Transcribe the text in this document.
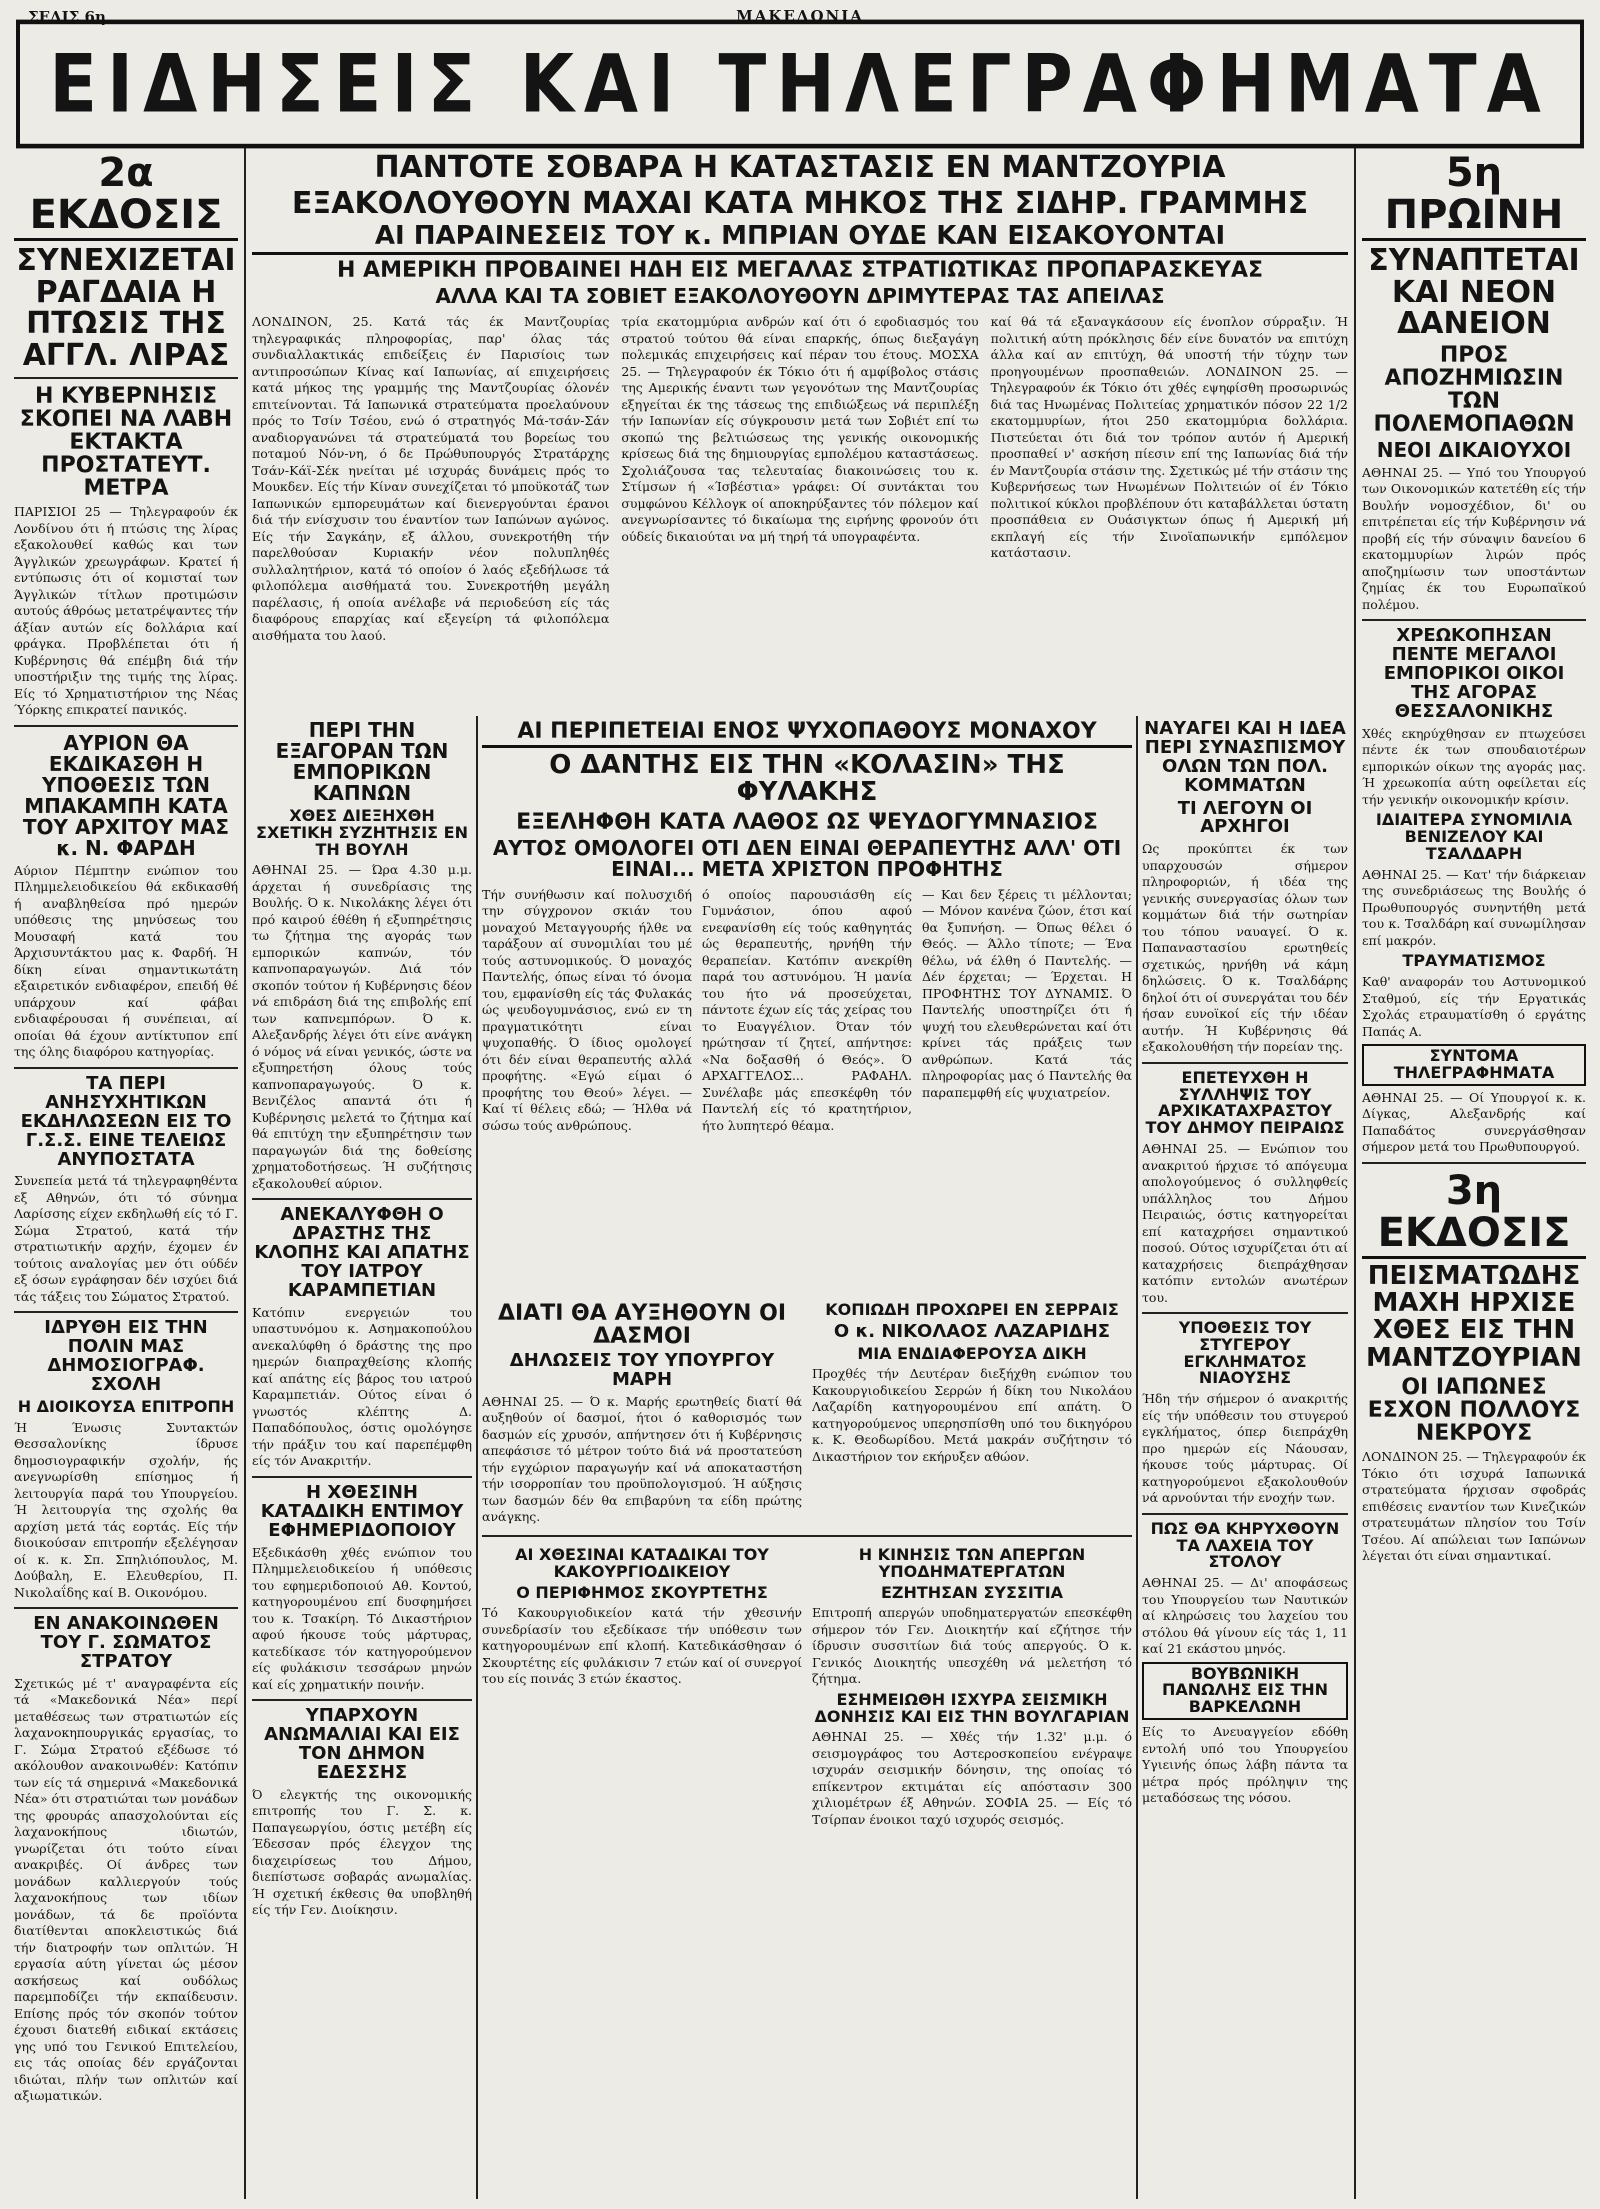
ΣΕΛΙΣ 6η	ΜΑΚΕΔΟΝΙΑ
ΕΙΔΗΣΕΙΣ ΚΑΙ ΤΗΛΕΓΡΑΦΗΜΑΤΑ
2α ΕΚΔΟΣΙΣ
ΣΥΝΕΧΙΖΕΤΑΙ ΡΑΓΔΑΙΑ Η ΠΤΩΣΙΣ ΤΗΣ ΑΓΓΛ. ΛΙΡΑΣ
Η ΚΥΒΕΡΝΗΣΙΣ ΣΚΟΠΕΙ ΝΑ ΛΑΒΗ ΕΚΤΑΚΤΑ ΠΡΟΣΤΑΤΕΥΤ. ΜΕΤΡΑ

ΠΑΡΙΣΙΟΙ 25 — Τηλεγραφούν έκ Λονδίνου ότι ή πτώσις της λίρας εξακολουθεί καθώς και των Άγγλικών χρεωγράφων. Κρατεί ή εντύπωσις ότι οί κομισταί των Άγγλικών τίτλων προτιμώσιν αυτούς άθρόως μετατρέψαντες τήν άξίαν αυτών είς δολλάρια καί φράγκα. Προβλέπεται ότι ή Κυβέρνησις θά επέμβη διά τήν υποστήριξιν της τιμής της λίρας. Είς τό Χρηματιστήριον της Νέας Ύόρκης επικρατεί πανικός.

ΑΥΡΙΟΝ ΘΑ ΕΚΔΙΚΑΣΘΗ Η ΥΠΟΘΕΣΙΣ ΤΩΝ ΜΠΑΚΑΜΠΗ ΚΑΤΑ ΤΟΥ ΑΡΧΙΤΟΥ ΜΑΣ κ. Ν. ΦΑΡΔΗ

Αύριον Πέμπτην ενώπιον του Πλημμελειοδικείου θά εκδικασθή ή αναβληθείσα πρό ημερών υπόθεσις της μηνύσεως του Μουσαφή κατά του Άρχισυντάκτου μας κ. Φαρδή. Ή δίκη είναι σημαντικωτάτη εξαιρετικόν ενδιαφέρον, επειδή θέ υπάρχουν καί φάβαι ενδιαφέρουσαι ή συνέπειαι, αί οποίαι θά έχουν αντίκτυπον επί της όλης διαφόρου κατηγορίας.

ΤΑ ΠΕΡΙ ΑΝΗΣΥΧΗΤΙΚΩΝ ΕΚΔΗΛΩΣΕΩΝ ΕΙΣ ΤΟ Γ.Σ.Σ. ΕΙΝΕ ΤΕΛΕΙΩΣ ΑΝΥΠΟΣΤΑΤΑ

Συνεπεία μετά τά τηλεγραφηθέντα εξ Αθηνών, ότι τό σύνημα Λαρίσσης είχεν εκδηλωθή είς τό Γ. Σώμα Στρατού, κατά τήν στρατιωτικήν αρχήν, έχομεν έν τούτοις αναλογίας μεν ότι ούδέν εξ όσων εγράφησαν δέν ισχύει διά τάς τάξεις του Σώματος Στρατού.

ΙΔΡΥΘΗ ΕΙΣ ΤΗΝ ΠΟΛΙΝ ΜΑΣ ΔΗΜΟΣΙΟΓΡΑΦ. ΣΧΟΛΗ
Η ΔΙΟΙΚΟΥΣΑ ΕΠΙΤΡΟΠΗ

Ή Ένωσις Συντακτών Θεσσαλονίκης ίδρυσε δημοσιογραφικήν σχολήν, ής ανεγνωρίσθη επίσημος ή λειτουργία παρά του Υπουργείου. Ή λειτουργία της σχολής θα αρχίση μετά τάς εορτάς. Είς τήν διοικούσαν επιτροπήν εξελέγησαν οί κ. κ. Σπ. Σπηλιόπουλος, Μ. Δούβαλη, Ε. Ελευθερίου, Π. Νικολαΐδης καί Β. Οικονόμου.

ΕΝ ΑΝΑΚΟΙΝΩΘΕΝ ΤΟΥ Γ. ΣΩΜΑΤΟΣ ΣΤΡΑΤΟΥ

Σχετικώς μέ τ' αναγραφέντα είς τά «Μακεδονικά Νέα» περί μεταθέσεως των στρατιωτών είς λαχανοκηπουργικάς εργασίας, το Γ. Σώμα Στρατού εξέδωσε τό ακόλουθον ανακοινωθέν: Κατόπιν των είς τά σημερινά «Μακεδονικά Νέα» ότι στρατιώται των μονάδων της φρουράς απασχολούνται είς λαχανοκήπους ιδιωτών, γνωρίζεται ότι τούτο είναι ανακριβές. Οί άνδρες των μονάδων καλλιεργούν τούς λαχανοκήπους των ιδίων μονάδων, τά δε προϊόντα διατίθενται αποκλειστικώς διά τήν διατροφήν των οπλιτών. Ή εργασία αύτη γίνεται ώς μέσον ασκήσεως καί ουδόλως παρεμποδίζει τήν εκπαίδευσιν. Επίσης πρός τόν σκοπόν τούτον έχουσι διατεθή ειδικαί εκτάσεις γης υπό του Γενικού Επιτελείου, εις τάς οποίας δέν εργάζονται ιδιώται, πλήν των οπλιτών καί αξιωματικών.

ΠΑΝΤΟΤΕ ΣΟΒΑΡΑ Η ΚΑΤΑΣΤΑΣΙΣ ΕΝ ΜΑΝΤΖΟΥΡΙΑ
ΕΞΑΚΟΛΟΥΘΟΥΝ ΜΑΧΑΙ ΚΑΤΑ ΜΗΚΟΣ ΤΗΣ ΣΙΔΗΡ. ΓΡΑΜΜΗΣ
ΑΙ ΠΑΡΑΙΝΕΣΕΙΣ ΤΟΥ κ. ΜΠΡΙΑΝ ΟΥΔΕ ΚΑΝ ΕΙΣΑΚΟΥΟΝΤΑΙ
Η ΑΜΕΡΙΚΗ ΠΡΟΒΑΙΝΕΙ ΗΔΗ ΕΙΣ ΜΕΓΑΛΑΣ ΣΤΡΑΤΙΩΤΙΚΑΣ ΠΡΟΠΑΡΑΣΚΕΥΑΣ
ΑΛΛΑ ΚΑΙ ΤΑ ΣΟΒΙΕΤ ΕΞΑΚΟΛΟΥΘΟΥΝ ΔΡΙΜΥΤΕΡΑΣ ΤΑΣ ΑΠΕΙΛΑΣ

ΛΟΝΔΙΝΟΝ, 25. Κατά τάς έκ Μαντζουρίας τηλεγραφικάς πληροφορίας, παρ' όλας τάς συνδιαλλακτικάς επιδείξεις έν Παρισίοις των αντιπροσώπων Κίνας καί Ιαπωνίας, αί επιχειρήσεις κατά μήκος της γραμμής της Μαντζουρίας όλονέν επιτείνονται. Τά Ιαπωνικά στρατεύματα προελαύνουν πρός το Τσίν Τσέου, ενώ ό στρατηγός Μά-τσάν-Σάν αναδιοργανώνει τά στρατεύματά του βορείως του ποταμού Νόν-νη, ό δε Πρώθυπουργός Στρατάρχης Τσάν-Κάϊ-Σέκ ηνείται μέ ισχυράς δυνάμεις πρός το Μουκδεν. Είς τήν Κίναν συνεχίζεται τό μποϋκοτάζ των Ιαπωνικών εμπορευμάτων καί διενεργούνται έρανοι διά τήν ενίσχυσιν του έναντίον των Ιαπώνων αγώνος. Είς τήν Σαγκάην, εξ άλλου, συνεκροτήθη τήν παρελθούσαν Κυριακήν νέον πολυπληθές συλλαλητήριον, κατά τό οποίον ό λαός εξεδήλωσε τά φιλοπόλεμα αισθήματά του. Συνεκροτήθη μεγάλη παρέλασις, ή οποία ανέλαβε νά περιοδεύση είς τάς διαφόρους επαρχίας καί εξεγείρη τά φιλοπόλεμα αισθήματα του λαού.

τρία εκατομμύρια ανδρών καί ότι ό εφοδιασμός του στρατού τούτου θά είναι επαρκής, όπως διεξαγάγη πολεμικάς επιχειρήσεις καί πέραν του έτους. ΜΟΣΧΑ 25. — Τηλεγραφούν έκ Τόκιο ότι ή αμφίβολος στάσις της Αμερικής έναντι των γεγονότων της Μαντζουρίας εξηγείται έκ της τάσεως της επιδιώξεως νά περιπλέξη τήν Ιαπωνίαν είς σύγκρουσιν μετά των Σοβιέτ επί τω σκοπώ της βελτιώσεως της γενικής οικονομικής κρίσεως διά της δημιουργίας εμπολέμου καταστάσεως. Σχολιάζουσα τας τελευταίας διακοινώσεις του κ. Στίμσων ή «Ίσβέστια» γράφει: Οί συντάκται του συμφώνου Κέλλογκ οί αποκηρύξαντες τόν πόλεμον καί ανεγνωρίσαντες τό δικαίωμα της ειρήνης φρονούν ότι ούδείς δικαιούται να μή τηρή τά υπογραφέντα.

καί θά τά εξαναγκάσουν είς ένοπλον σύρραξιν. Ή πολιτική αύτη πρόκλησις δέν είνε δυνατόν να επιτύχη άλλα καί αν επιτύχη, θά υποστή τήν τύχην των προηγουμένων προσπαθειών. ΛΟΝΔΙΝΟΝ 25. — Τηλεγραφούν έκ Τόκιο ότι χθές εψηφίσθη προσωρινώς διά τας Ηνωμένας Πολιτείας χρηματικόν πόσον 22 1/2 εκατομμυρίων, ήτοι 250 εκατομμύρια δολλάρια. Πιστεύεται ότι διά τον τρόπον αυτόν ή Αμερική προσπαθεί ν' ασκήση πίεσιν επί της Ιαπωνίας διά τήν έν Μαντζουρία στάσιν της. Σχετικώς μέ τήν στάσιν της Κυβερνήσεως των Ηνωμένων Πολιτειών οί έν Τόκιο πολιτικοί κύκλοι προβλέπουν ότι καταβάλλεται ύστατη προσπάθεια εν Ουάσιγκτων όπως ή Αμερική μή εκπλαγή είς τήν Σινοϊαπωνικήν εμπόλεμον κατάστασιν.

ΠΕΡΙ ΤΗΝ ΕΞΑΓΟΡΑΝ ΤΩΝ ΕΜΠΟΡΙΚΩΝ ΚΑΠΝΩΝ
ΧΘΕΣ ΔΙΕΞΗΧΘΗ ΣΧΕΤΙΚΗ ΣΥΖΗΤΗΣΙΣ ΕΝ ΤΗ ΒΟΥΛΗ

ΑΘΗΝΑΙ 25. — Ώρα 4.30 μ.μ. άρχεται ή συνεδρίασις της Βουλής. Ό κ. Νικολάκης λέγει ότι πρό καιρού έθέθη ή εξυπηρέτησις τω ζήτημα της αγοράς των εμπορικών καπνών, τόν καπνοπαραγωγών. Διά τόν σκοπόν τούτον ή Κυβέρνησις δέον νά επιδράση διά της επιβολής επί των καπνεμπόρων. Ό κ. Αλεξανδρής λέγει ότι είνε ανάγκη ό νόμος νά είναι γενικός, ώστε να εξυπηρετήση όλους τούς καπνοπαραγωγούς. Ό κ. Βενιζέλος απαντά ότι ή Κυβέρνησις μελετά το ζήτημα καί θά επιτύχη την εξυπηρέτησιν των παραγωγών διά της δοθείσης χρηματοδοτήσεως. Ή συζήτησις εξακολουθεί αύριον.

ΑΝΕΚΑΛΥΦΘΗ Ο ΔΡΑΣΤΗΣ ΤΗΣ ΚΛΟΠΗΣ ΚΑΙ ΑΠΑΤΗΣ ΤΟΥ ΙΑΤΡΟΥ ΚΑΡΑΜΠΕΤΙΑΝ

Κατόπιν ενεργειών του υπαστυνόμου κ. Ασημακοπούλου ανεκαλύφθη ό δράστης της προ ημερών διαπραχθείσης κλοπής καί απάτης είς βάρος του ιατρού Καραμπετιάν. Ούτος είναι ό γνωστός κλέπτης Δ. Παπαδόπουλος, όστις ομολόγησε τήν πράξιν του καί παρεπέμφθη είς τόν Ανακριτήν.

Η ΧΘΕΣΙΝΗ ΚΑΤΑΔΙΚΗ ΕΝΤΙΜΟΥ ΕΦΗΜΕΡΙΔΟΠΟΙΟΥ

Εξεδικάσθη χθές ενώπιον του Πλημμελειοδικείου ή υπόθεσις του εφημεριδοποιού Αθ. Κοντού, κατηγορουμένου επί δυσφημήσει του κ. Τσακίρη. Τό Δικαστήριον αφού ήκουσε τούς μάρτυρας, κατεδίκασε τόν κατηγορούμενον είς φυλάκισιν τεσσάρων μηνών καί είς χρηματικήν ποινήν.

ΥΠΑΡΧΟΥΝ ΑΝΩΜΑΛΙΑΙ ΚΑΙ ΕΙΣ ΤΟΝ ΔΗΜΟΝ ΕΔΕΣΣΗΣ

Ό ελεγκτής της οικονομικής επιτροπής του Γ. Σ. κ. Παπαγεωργίου, όστις μετέβη είς Έδεσσαν πρός έλεγχον της διαχειρίσεως του Δήμου, διεπίστωσε σοβαράς ανωμαλίας. Ή σχετική έκθεσις θα υποβληθή είς τήν Γεν. Διοίκησιν.

ΑΙ ΠΕΡΙΠΕΤΕΙΑΙ ΕΝΟΣ ΨΥΧΟΠΑΘΟΥΣ ΜΟΝΑΧΟΥ
Ο ΔΑΝΤΗΣ ΕΙΣ ΤΗΝ «ΚΟΛΑΣΙΝ» ΤΗΣ ΦΥΛΑΚΗΣ
ΕΞΕΛΗΦΘΗ ΚΑΤΑ ΛΑΘΟΣ ΩΣ ΨΕΥΔΟΓΥΜΝΑΣΙΟΣ
ΑΥΤΟΣ ΟΜΟΛΟΓΕΙ ΟΤΙ ΔΕΝ ΕΙΝΑΙ ΘΕΡΑΠΕΥΤΗΣ ΑΛΛ' ΟΤΙ ΕΙΝΑΙ... ΜΕΤΑ ΧΡΙΣΤΟΝ ΠΡΟΦΗΤΗΣ

Τήν συνήθωσιν καί πολυσχιδή την σύγχρονον σκιάν του μοναχού Μεταγγουρής ήλθε να ταράξουν αί συνομιλίαι του μέ τούς αστυνομικούς. Ό μοναχός Παντελής, όπως είναι τό όνομα του, εμφανίσθη είς τάς Φυλακάς ώς ψευδογυμνάσιος, ενώ εν τη πραγματικότητι είναι ψυχοπαθής. Ό ίδιος ομολογεί ότι δέν είναι θεραπευτής αλλά προφήτης. «Εγώ είμαι ό προφήτης του Θεού» λέγει. — Καί τί θέλεις εδώ; — Ήλθα νά σώσω τούς ανθρώπους.

ό οποίος παρουσιάσθη είς Γυμνάσιον, όπου αφού ενεφανίσθη είς τούς καθηγητάς ώς θεραπευτής, ηρνήθη τήν θεραπείαν. Κατόπιν ανεκρίθη παρά του αστυνόμου. Ή μανία του ήτο νά προσεύχεται, πάντοτε έχων είς τάς χείρας του το Ευαγγέλιον. Όταν τόν ηρώτησαν τί ζητεί, απήντησε: «Να δοξασθή ό Θεός». Ό ΑΡΧΑΓΓΕΛΟΣ... ΡΑΦΑΗΛ. Συνέλαβε μάς επεσκέφθη τόν Παντελή είς τό κρατητήριον, ήτο λυπητερό θέαμα.

— Και δεν ξέρεις τι μέλλονται; — Μόνον κανένα ζώον, έτσι καί θα ξυπνήση. — Όπως θέλει ό Θεός. — Άλλο τίποτε; — Ένα θέλω, νά έλθη ό Παντελής. — Δέν έρχεται; — Έρχεται. Η ΠΡΟΦΗΤΗΣ ΤΟΥ ΔΥΝΑΜΙΣ. Ό Παντελής υποστηρίζει ότι ή ψυχή του ελευθερώνεται καί ότι κρίνει τάς πράξεις των ανθρώπων. Κατά τάς πληροφορίας μας ό Παντελής θα παραπεμφθή είς ψυχιατρείον.

ΔΙΑΤΙ ΘΑ ΑΥΞΗΘΟΥΝ ΟΙ ΔΑΣΜΟΙ
ΔΗΛΩΣΕΙΣ ΤΟΥ ΥΠΟΥΡΓΟΥ ΜΑΡΗ

ΑΘΗΝΑΙ 25. — Ό κ. Μαρής ερωτηθείς διατί θά αυξηθούν οί δασμοί, ήτοι ό καθορισμός των δασμών είς χρυσόν, απήντησεν ότι ή Κυβέρνησις απεφάσισε τό μέτρον τούτο διά νά προστατεύση τήν εγχώριον παραγωγήν καί νά αποκαταστήση τήν ισορροπίαν του προϋπολογισμού. Ή αύξησις των δασμών δέν θα επιβαρύνη τα είδη πρώτης ανάγκης.

ΚΟΠΙΩΔΗ ΠΡΟΧΩΡΕΙ ΕΝ ΣΕΡΡΑΙΣ
Ο κ. ΝΙΚΟΛΑΟΣ ΛΑΖΑΡΙΔΗΣ
ΜΙΑ ΕΝΔΙΑΦΕΡΟΥΣΑ ΔΙΚΗ

Προχθές τήν Δευτέραν διεξήχθη ενώπιον του Κακουργιοδικείου Σερρών ή δίκη του Νικολάου Λαζαρίδη κατηγορουμένου επί απάτη. Ό κατηγορούμενος υπερησπίσθη υπό του δικηγόρου κ. Κ. Θεοδωρίδου. Μετά μακράν συζήτησιν τό Δικαστήριον τον εκήρυξεν αθώον.

ΑΙ ΧΘΕΣΙΝΑΙ ΚΑΤΑΔΙΚΑΙ ΤΟΥ ΚΑΚΟΥΡΓΙΟΔΙΚΕΙΟΥ
Ο ΠΕΡΙΦΗΜΟΣ ΣΚΟΥΡΤΕΤΗΣ

Τό Κακουργιοδικείον κατά τήν χθεσινήν συνεδρίασίν του εξεδίκασε τήν υπόθεσιν των κατηγορουμένων επί κλοπή. Κατεδικάσθησαν ό Σκουρτέτης είς φυλάκισιν 7 ετών καί οί συνεργοί του είς ποινάς 3 ετών έκαστος.

Η ΚΙΝΗΣΙΣ ΤΩΝ ΑΠΕΡΓΩΝ ΥΠΟΔΗΜΑΤΕΡΓΑΤΩΝ
ΕΖΗΤΗΣΑΝ ΣΥΣΣΙΤΙΑ

Επιτροπή απεργών υποδηματεργατών επεσκέφθη σήμερον τόν Γεν. Διοικητήν καί εζήτησε τήν ίδρυσιν συσσιτίων διά τούς απεργούς. Ό κ. Γενικός Διοικητής υπεσχέθη νά μελετήση τό ζήτημα.

ΕΣΗΜΕΙΩΘΗ ΙΣΧΥΡΑ ΣΕΙΣΜΙΚΗ ΔΟΝΗΣΙΣ ΚΑΙ ΕΙΣ ΤΗΝ ΒΟΥΛΓΑΡΙΑΝ

ΑΘΗΝΑΙ 25. — Χθές τήν 1.32' μ.μ. ό σεισμογράφος του Αστεροσκοπείου ενέγραψε ισχυράν σεισμικήν δόνησιν, της οποίας τό επίκεντρον εκτιμάται είς απόστασιν 300 χιλιομέτρων έξ Αθηνών. ΣΟΦΙΑ 25. — Είς τό Τσίρπαν ένοικοι ταχύ ισχυρός σεισμός.

ΝΑΥΑΓΕΙ ΚΑΙ Η ΙΔΕΑ ΠΕΡΙ ΣΥΝΑΣΠΙΣΜΟΥ ΟΛΩΝ ΤΩΝ ΠΟΛ. ΚΟΜΜΑΤΩΝ
ΤΙ ΛΕΓΟΥΝ ΟΙ ΑΡΧΗΓΟΙ

Ως προκύπτει έκ των υπαρχουσών σήμερον πληροφοριών, ή ιδέα της γενικής συνεργασίας όλων των κομμάτων διά τήν σωτηρίαν του τόπου ναυαγεί. Ό κ. Παπαναστασίου ερωτηθείς σχετικώς, ηρνήθη νά κάμη δηλώσεις. Ό κ. Τσαλδάρης δηλοί ότι οί συνεργάται του δέν ήσαν ευνοϊκοί είς τήν ιδέαν αυτήν. Ή Κυβέρνησις θά εξακολουθήση τήν πορείαν της.

ΕΠΕΤΕΥΧΘΗ Η ΣΥΛΛΗΨΙΣ ΤΟΥ ΑΡΧΙΚΑΤΑΧΡΑΣΤΟΥ ΤΟΥ ΔΗΜΟΥ ΠΕΙΡΑΙΩΣ

ΑΘΗΝΑΙ 25. — Ενώπιον του ανακριτού ήρχισε τό απόγευμα απολογούμενος ό συλληφθείς υπάλληλος του Δήμου Πειραιώς, όστις κατηγορείται επί καταχρήσει σημαντικού ποσού. Ούτος ισχυρίζεται ότι αί καταχρήσεις διεπράχθησαν κατόπιν εντολών ανωτέρων του.

ΥΠΟΘΕΣΙΣ ΤΟΥ ΣΤΥΓΕΡΟΥ ΕΓΚΛΗΜΑΤΟΣ ΝΙΑΟΥΣΗΣ

Ήδη τήν σήμερον ό ανακριτής είς τήν υπόθεσιν του στυγερού εγκλήματος, όπερ διεπράχθη προ ημερών είς Νάουσαν, ήκουσε τούς μάρτυρας. Οί κατηγορούμενοι εξακολουθούν νά αρνούνται τήν ενοχήν των.

ΠΩΣ ΘΑ ΚΗΡΥΧΘΟΥΝ ΤΑ ΛΑΧΕΙΑ ΤΟΥ ΣΤΟΛΟΥ

ΑΘΗΝΑΙ 25. — Δι' αποφάσεως του Υπουργείου των Ναυτικών αί κληρώσεις του λαχείου του στόλου θά γίνουν είς τάς 1, 11 καί 21 εκάστου μηνός.

ΒΟΥΒΩΝΙΚΗ ΠΑΝΩΛΗΣ ΕΙΣ ΤΗΝ ΒΑΡΚΕΛΩΝΗ

Είς το Ανευαγγείον εδόθη εντολή υπό του Υπουργείου Υγιεινής όπως λάβη πάντα τα μέτρα πρός πρόληψιν της μεταδόσεως της νόσου.

5η ΠΡΩΙΝΗ
ΣΥΝΑΠΤΕΤΑΙ ΚΑΙ ΝΕΟΝ ΔΑΝΕΙΟΝ
ΠΡΟΣ ΑΠΟΖΗΜΙΩΣΙΝ ΤΩΝ ΠΟΛΕΜΟΠΑΘΩΝ
ΝΕΟΙ ΔΙΚΑΙΟΥΧΟΙ

ΑΘΗΝΑΙ 25. — Υπό του Υπουργού των Οικονομικών κατετέθη είς τήν Βουλήν νομοσχέδιον, δι' ου επιτρέπεται είς τήν Κυβέρνησιν νά προβή είς τήν σύναψιν δανείου 6 εκατομμυρίων λιρών πρός αποζημίωσιν των υποστάντων ζημίας έκ του Ευρωπαϊκού πολέμου.

ΧΡΕΩΚΟΠΗΣΑΝ ΠΕΝΤΕ ΜΕΓΑΛΟΙ ΕΜΠΟΡΙΚΟΙ ΟΙΚΟΙ ΤΗΣ ΑΓΟΡΑΣ ΘΕΣΣΑΛΟΝΙΚΗΣ

Χθές εκηρύχθησαν εν πτωχεύσει πέντε έκ των σπουδαιοτέρων εμπορικών οίκων της αγοράς μας. Ή χρεωκοπία αύτη οφείλεται είς τήν γενικήν οικονομικήν κρίσιν.

ΙΔΙΑΙΤΕΡΑ ΣΥΝΟΜΙΛΙΑ ΒΕΝΙΖΕΛΟΥ ΚΑΙ ΤΣΑΛΔΑΡΗ

ΑΘΗΝΑΙ 25. — Κατ' τήν διάρκειαν της συνεδριάσεως της Βουλής ό Πρωθυπουργός συνηντήθη μετά του κ. Τσαλδάρη καί συνωμίλησαν επί μακρόν.

ΤΡΑΥΜΑΤΙΣΜΟΣ

Καθ' αναφοράν του Αστυνομικού Σταθμού, είς τήν Εργατικάς Σχολάς ετραυματίσθη ό εργάτης Παπάς Α.

ΣΥΝΤΟΜΑ ΤΗΛΕΓΡΑΦΗΜΑΤΑ

ΑΘΗΝΑΙ 25. — Οί Υπουργοί κ. κ. Δίγκας, Αλεξανδρής καί Παπαδάτος συνεργάσθησαν σήμερον μετά του Πρωθυπουργού.

3η ΕΚΔΟΣΙΣ
ΠΕΙΣΜΑΤΩΔΗΣ ΜΑΧΗ ΗΡΧΙΣΕ ΧΘΕΣ ΕΙΣ ΤΗΝ ΜΑΝΤΖΟΥΡΙΑΝ
ΟΙ ΙΑΠΩΝΕΣ ΕΣΧΟΝ ΠΟΛΛΟΥΣ ΝΕΚΡΟΥΣ

ΛΟΝΔΙΝΟΝ 25. — Τηλεγραφούν έκ Τόκιο ότι ισχυρά Ιαπωνικά στρατεύματα ήρχισαν σφοδράς επιθέσεις εναντίον των Κινεζικών στρατευμάτων πλησίον του Τσίν Τσέου. Αί απώλειαι των Ιαπώνων λέγεται ότι είναι σημαντικαί.
